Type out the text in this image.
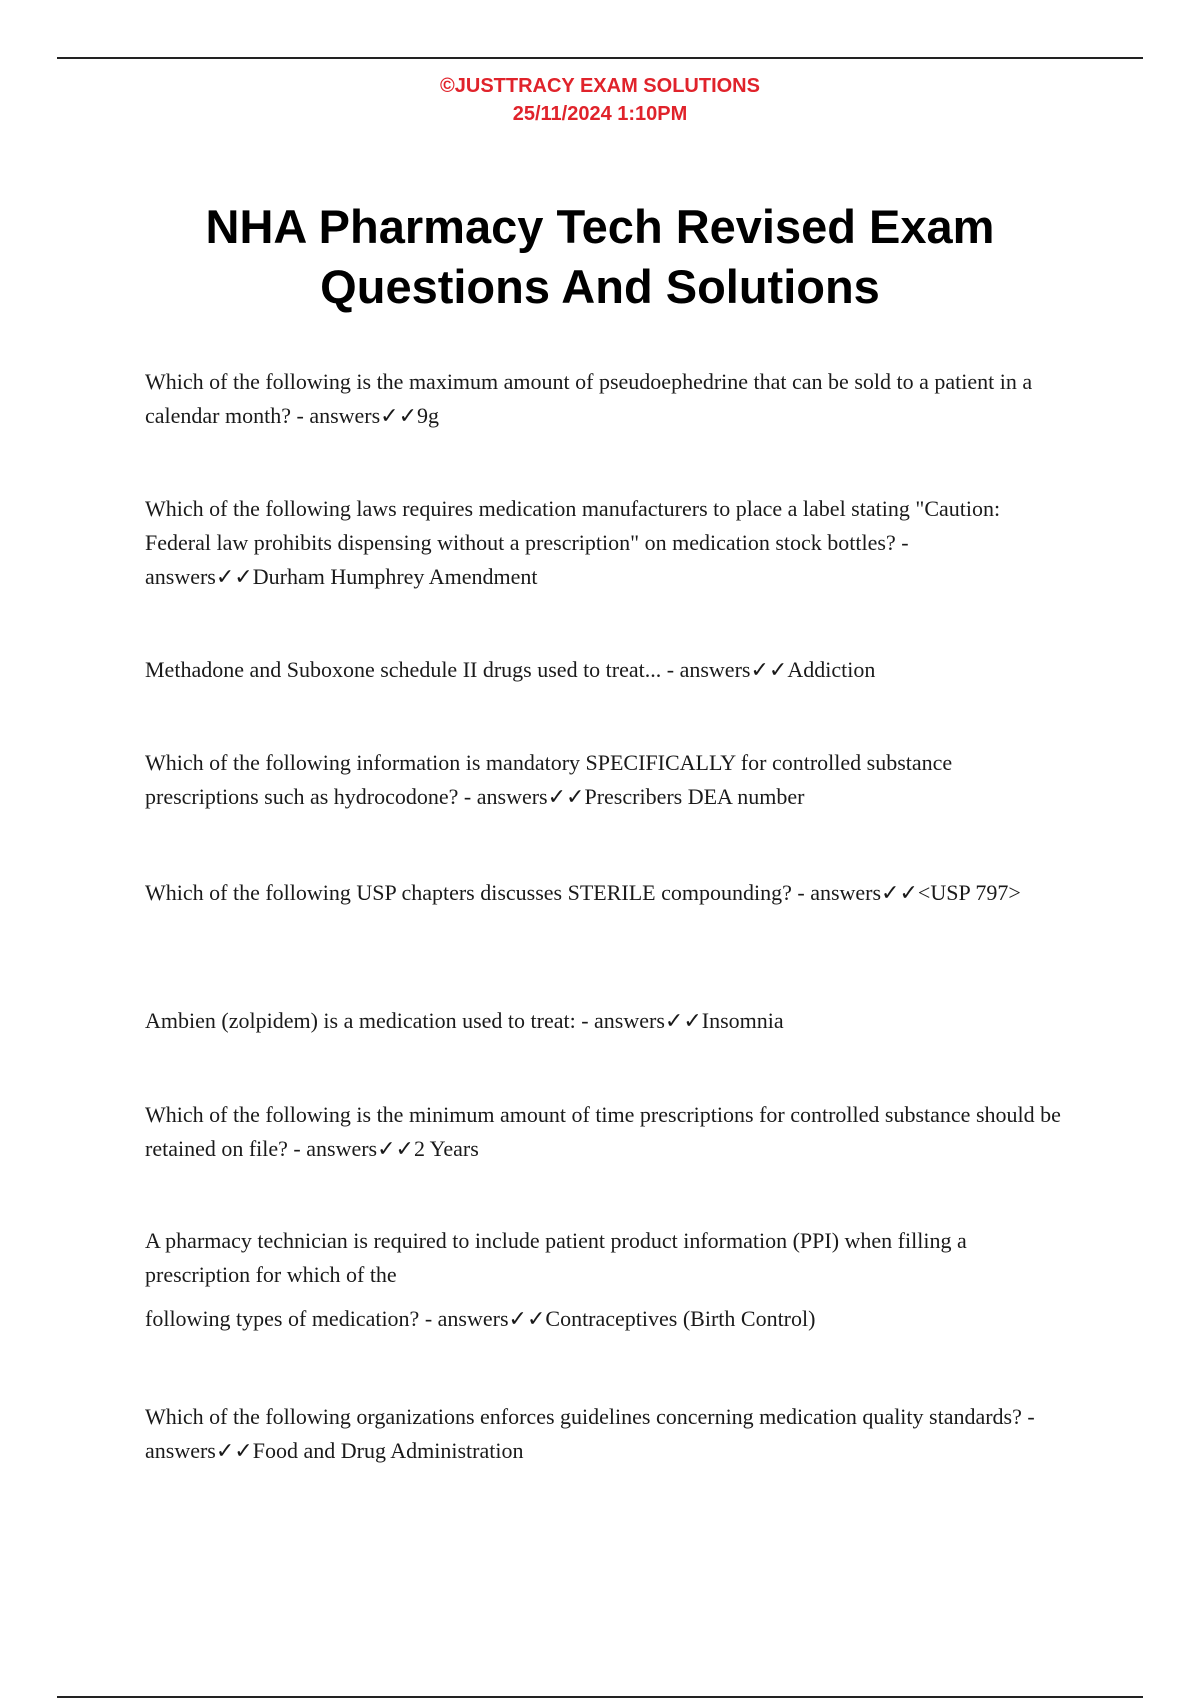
©JUSTTRACY EXAM SOLUTIONS
25/11/2024 1:10PM
NHA Pharmacy Tech Revised Exam
Questions And Solutions

Which of the following is the maximum amount of pseudoephedrine that can be sold to a patient in a calendar month? - answers✓✓9g

Which of the following laws requires medication manufacturers to place a label stating "Caution: Federal law prohibits dispensing without a prescription" on medication stock bottles? - answers✓✓Durham Humphrey Amendment

Methadone and Suboxone schedule II drugs used to treat... - answers✓✓Addiction

Which of the following information is mandatory SPECIFICALLY for controlled substance prescriptions such as hydrocodone? - answers✓✓Prescribers DEA number

Which of the following USP chapters discusses STERILE compounding? - answers✓✓<USP 797>

Ambien (zolpidem) is a medication used to treat: - answers✓✓Insomnia

Which of the following is the minimum amount of time prescriptions for controlled substance should be retained on file? - answers✓✓2 Years

A pharmacy technician is required to include patient product information (PPI) when filling a prescription for which of the
following types of medication? - answers✓✓Contraceptives (Birth Control)

Which of the following organizations enforces guidelines concerning medication quality standards? - answers✓✓Food and Drug Administration
